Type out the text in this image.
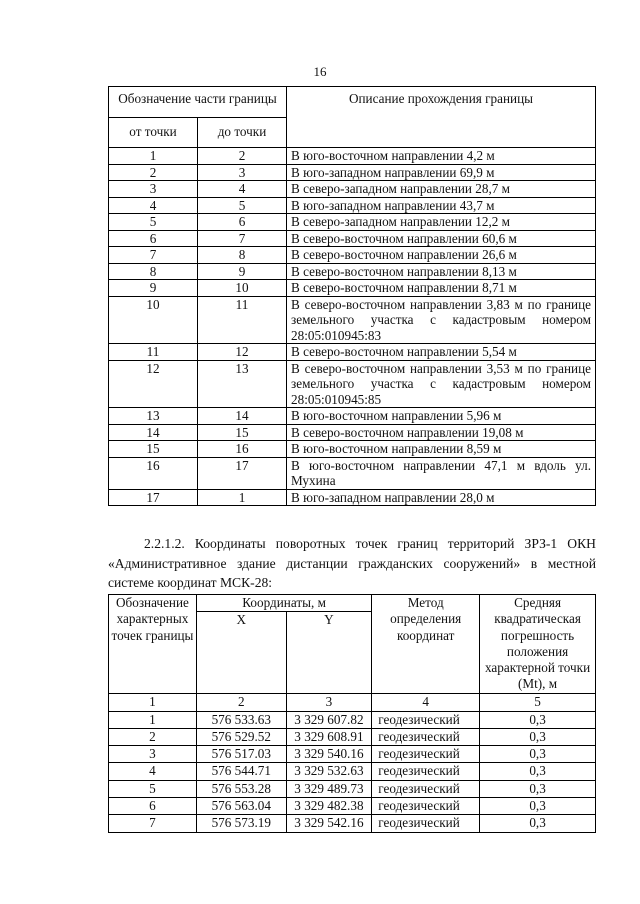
16
Обозначение части границы		Описание прохождения границы
от точки	до точки	
1	2	В юго-восточном направлении 4,2 м
2	3	В юго-западном направлении 69,9 м
3	4	В северо-западном направлении 28,7 м
4	5	В юго-западном направлении 43,7 м
5	6	В северо-западном направлении 12,2 м
6	7	В северо-восточном направлении 60,6 м
7	8	В северо-восточном направлении 26,6 м
8	9	В северо-восточном направлении 8,13 м
9	10	В северо-восточном направлении 8,71 м
10	11	В северо-восточном направлении 3,83 м по границе земельного участка с кадастровым номером 28:05:010945:83
11	12	В северо-восточном направлении 5,54 м
12	13	В северо-восточном направлении 3,53 м по границе земельного участка с кадастровым номером 28:05:010945:85
13	14	В юго-восточном направлении 5,96 м
14	15	В северо-восточном направлении 19,08 м
15	16	В юго-восточном направлении 8,59 м
16	17	В юго-восточном направлении 47,1 м вдоль ул. Мухина
17	1	В юго-западном направлении 28,0 м
2.2.1.2. Координаты поворотных точек границ территорий ЗРЗ-1 ОКН «Административное здание дистанции гражданских сооружений» в местной системе координат МСК-28:
Обозначение характерных точек границы	Координаты, м		Метод определения координат	Средняя квадратическая погрешность положения характерной точки (Mt), м
	X	Y		
1	2	3	4	5
1	576 533.63	3 329 607.82	геодезический	0,3
2	576 529.52	3 329 608.91	геодезический	0,3
3	576 517.03	3 329 540.16	геодезический	0,3
4	576 544.71	3 329 532.63	геодезический	0,3
5	576 553.28	3 329 489.73	геодезический	0,3
6	576 563.04	3 329 482.38	геодезический	0,3
7	576 573.19	3 329 542.16	геодезический	0,3
